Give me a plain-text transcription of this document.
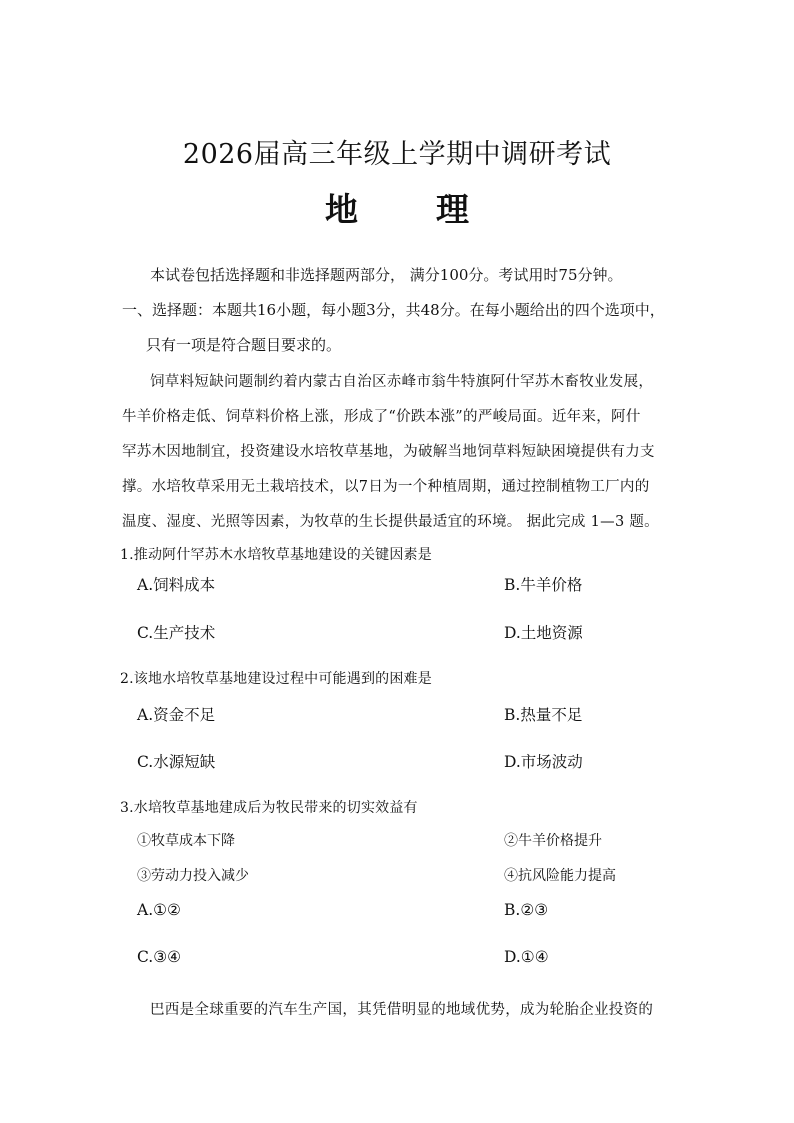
2026届高三年级上学期中调研考试
地 理
本试卷包括选择题和非选择题两部分， 满分100分。考试用时75分钟。
一、选择题：本题共16小题，每小题3分，共48分。在每小题给出的四个选项中，
只有一项是符合题目要求的。
饲草料短缺问题制约着内蒙古自治区赤峰市翁牛特旗阿什罕苏木畜牧业发展，
牛羊价格走低、饲草料价格上涨，形成了“价跌本涨”的严峻局面。近年来，阿什
罕苏木因地制宜，投资建设水培牧草基地，为破解当地饲草料短缺困境提供有力支
撑。水培牧草采用无土栽培技术，以7日为一个种植周期，通过控制植物工厂内的
温度、湿度、光照等因素，为牧草的生长提供最适宜的环境。 据此完成 1—3 题。
1.推动阿什罕苏木水培牧草基地建设的关键因素是
A.饲料成本	B.牛羊价格
C.生产技术	D.土地资源
2.该地水培牧草基地建设过程中可能遇到的困难是
A.资金不足	B.热量不足
C.水源短缺	D.市场波动
3.水培牧草基地建成后为牧民带来的切实效益有
①牧草成本下降	②牛羊价格提升
③劳动力投入减少	④抗风险能力提高
A.①②	B.②③
C.③④	D.①④
巴西是全球重要的汽车生产国，其凭借明显的地域优势，成为轮胎企业投资的
